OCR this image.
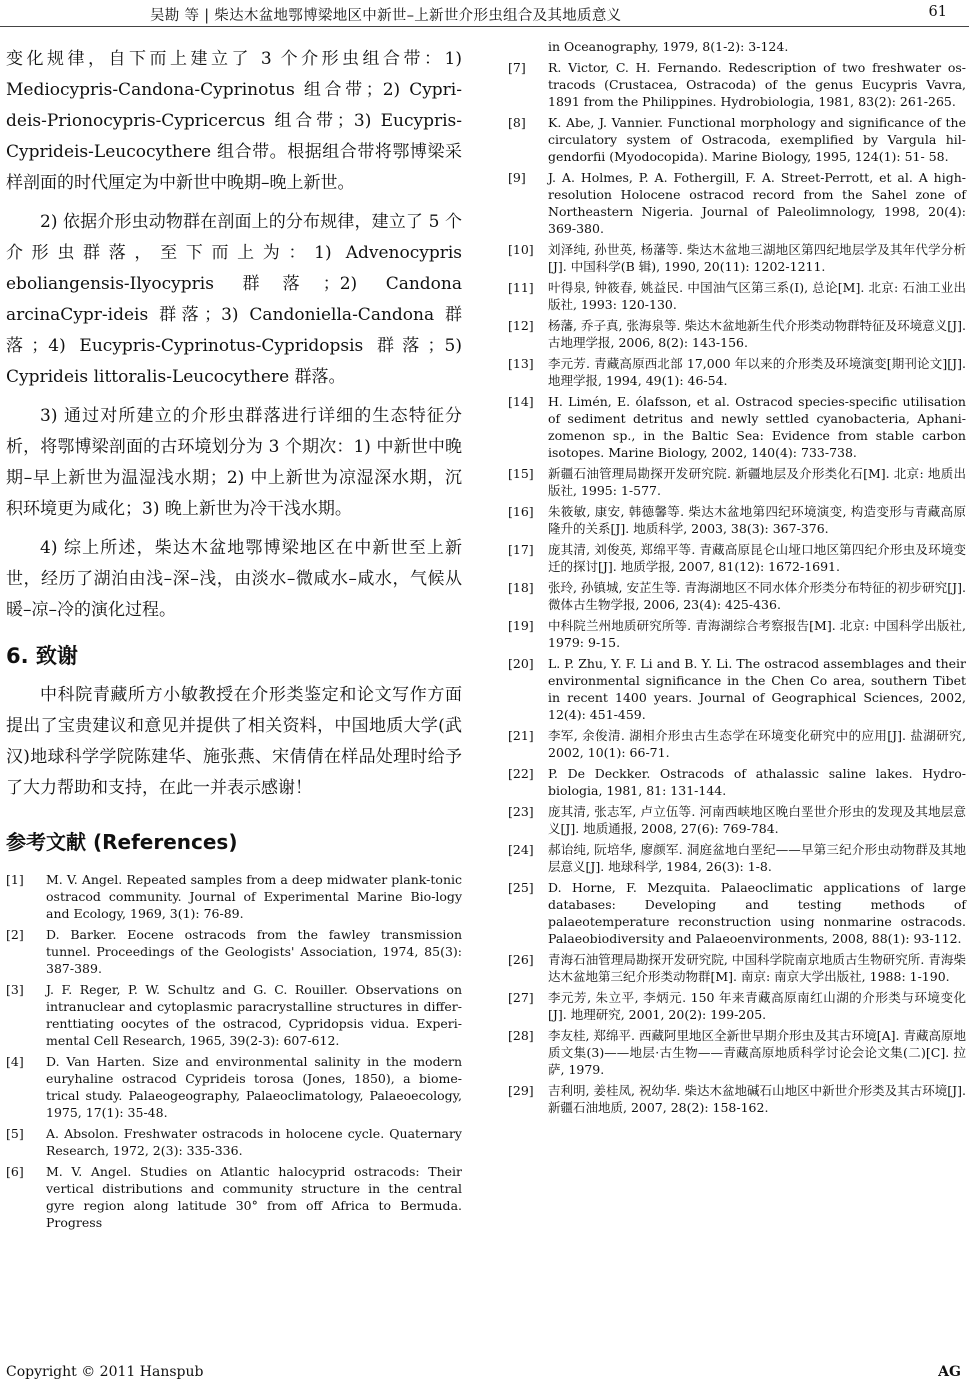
吴勘 等 | 柴达木盆地鄂博梁地区中新世–上新世介形虫组合及其地质意义	61

变化规律，自下而上建立了 3 个介形虫组合带：1) Mediocypris-Candona-Cyprinotus 组合带；2) Cypri-deis-Prionocypris-Cypricercus 组合带；3) Eucypris-Cyprideis-Leucocythere 组合带。根据组合带将鄂博梁采样剖面的时代厘定为中新世中晚期–晚上新世。

2) 依据介形虫动物群在剖面上的分布规律，建立了 5 个介形虫群落，至下而上为：1) Advenocypris eboliangensis-Ilyocypris 群落；2) Candona arcinaCypr-ideis 群落；3) Candoniella-Candona 群落；4) Eucypris-Cyprinotus-Cypridopsis 群落；5) Cyprideis littoralis-Leucocythere 群落。

3) 通过对所建立的介形虫群落进行详细的生态特征分析，将鄂博梁剖面的古环境划分为 3 个期次：1) 中新世中晚期–早上新世为温湿浅水期；2) 中上新世为凉湿深水期，沉积环境更为咸化；3) 晚上新世为冷干浅水期。

4) 综上所述，柴达木盆地鄂博梁地区在中新世至上新世，经历了湖泊由浅–深–浅，由淡水–微咸水–咸水，气候从暖–凉–冷的演化过程。

6. 致谢

中科院青藏所方小敏教授在介形类鉴定和论文写作方面提出了宝贵建议和意见并提供了相关资料，中国地质大学(武汉)地球科学学院陈建华、施张燕、宋倩倩在样品处理时给予了大力帮助和支持，在此一并表示感谢！

参考文献 (References)
[1]	M. V. Angel. Repeated samples from a deep midwater plank-tonic ostracod community. Journal of Experimental Marine Bio-logy and Ecology, 1969, 3(1): 76-89.
[2]	D. Barker. Eocene ostracods from the fawley transmission tunnel. Proceedings of the Geologists' Association, 1974, 85(3): 387-389.
[3]	J. F. Reger, P. W. Schultz and G. C. Rouiller. Observations on intranuclear and cytoplasmic paracrystalline structures in differ-renttiating oocytes of the ostracod, Cypridopsis vidua. Experi-mental Cell Research, 1965, 39(2-3): 607-612.
[4]	D. Van Harten. Size and environmental salinity in the modern euryhaline ostracod Cyprideis torosa (Jones, 1850), a biome-trical study. Palaeogeography, Palaeoclimatology, Palaeoecology, 1975, 17(1): 35-48.
[5]	A. Absolon. Freshwater ostracods in holocene cycle. Quaternary Research, 1972, 2(3): 335-336.
[6]	M. V. Angel. Studies on Atlantic halocyprid ostracods: Their vertical distributions and community structure in the central gyre region along latitude 30° from off Africa to Bermuda. Progress
in Oceanography, 1979, 8(1-2): 3-124.
[7]	R. Victor, C. H. Fernando. Redescription of two freshwater os-tracods (Crustacea, Ostracoda) of the genus Eucypris Vavra, 1891 from the Philippines. Hydrobiologia, 1981, 83(2): 261-265.
[8]	K. Abe, J. Vannier. Functional morphology and significance of the circulatory system of Ostracoda, exemplified by Vargula hil-gendorfii (Myodocopida). Marine Biology, 1995, 124(1): 51- 58.
[9]	J. A. Holmes, P. A. Fothergill, F. A. Street-Perrott, et al. A high-resolution Holocene ostracod record from the Sahel zone of Northeastern Nigeria. Journal of Paleolimnology, 1998, 20(4): 369-380.
[10]	刘泽纯, 孙世英, 杨藩等. 柴达木盆地三湖地区第四纪地层学及其年代学分析[J]. 中国科学(B 辑), 1990, 20(11): 1202-1211.
[11]	叶得泉, 钟筱春, 姚益民. 中国油气区第三系(I), 总论[M]. 北京: 石油工业出版社, 1993: 120-130.
[12]	杨藩, 乔子真, 张海泉等. 柴达木盆地新生代介形类动物群特征及环境意义[J]. 古地理学报, 2006, 8(2): 143-156.
[13]	李元芳. 青藏高原西北部 17,000 年以来的介形类及环境演变[期刊论文][J]. 地理学报, 1994, 49(1): 46-54.
[14]	H. Limén, E. ólafsson, et al. Ostracod species-specific utilisation of sediment detritus and newly settled cyanobacteria, Aphani-zomenon sp., in the Baltic Sea: Evidence from stable carbon isotopes. Marine Biology, 2002, 140(4): 733-738.
[15]	新疆石油管理局勘探开发研究院. 新疆地层及介形类化石[M]. 北京: 地质出版社, 1995: 1-577.
[16]	朱筱敏, 康安, 韩德馨等. 柴达木盆地第四纪环境演变, 构造变形与青藏高原隆升的关系[J]. 地质科学, 2003, 38(3): 367-376.
[17]	庞其清, 刘俊英, 郑绵平等. 青藏高原昆仑山垭口地区第四纪介形虫及环境变迁的探讨[J]. 地质学报, 2007, 81(12): 1672-1691.
[18]	张玲, 孙镇城, 安芷生等. 青海湖地区不同水体介形类分布特征的初步研究[J]. 微体古生物学报, 2006, 23(4): 425-436.
[19]	中科院兰州地质研究所等. 青海湖综合考察报告[M]. 北京: 中国科学出版社, 1979: 9-15.
[20]	L. P. Zhu, Y. F. Li and B. Y. Li. The ostracod assemblages and their environmental significance in the Chen Co area, southern Tibet in recent 1400 years. Journal of Geographical Sciences, 2002, 12(4): 451-459.
[21]	李军, 余俊清. 湖相介形虫古生态学在环境变化研究中的应用[J]. 盐湖研究, 2002, 10(1): 66-71.
[22]	P. De Deckker. Ostracods of athalassic saline lakes. Hydro-biologia, 1981, 81: 131-144.
[23]	庞其清, 张志军, 卢立伍等. 河南西峡地区晚白垩世介形虫的发现及其地层意义[J]. 地质通报, 2008, 27(6): 769-784.
[24]	郝诒纯, 阮培华, 廖颜军. 洞庭盆地白垩纪——早第三纪介形虫动物群及其地层意义[J]. 地球科学, 1984, 26(3): 1-8.
[25]	D. Horne, F. Mezquita. Palaeoclimatic applications of large databases: Developing and testing methods of palaeotemperature reconstruction using nonmarine ostracods. Palaeobiodiversity and Palaeoenvironments, 2008, 88(1): 93-112.
[26]	青海石油管理局勘探开发研究院, 中国科学院南京地质古生物研究所. 青海柴达木盆地第三纪介形类动物群[M]. 南京: 南京大学出版社, 1988: 1-190.
[27]	李元芳, 朱立平, 李炳元. 150 年来青藏高原南红山湖的介形类与环境变化[J]. 地理研究, 2001, 20(2): 199-205.
[28]	李友桂, 郑绵平. 西藏阿里地区全新世早期介形虫及其古环境[A]. 青藏高原地质文集(3)——地层·古生物——青藏高原地质科学讨论会论文集(二)[C]. 拉萨, 1979.
[29]	吉利明, 姜桂凤, 祝幼华. 柴达木盆地碱石山地区中新世介形类及其古环境[J]. 新疆石油地质, 2007, 28(2): 158-162.
Copyright © 2011 Hanspub	AG
